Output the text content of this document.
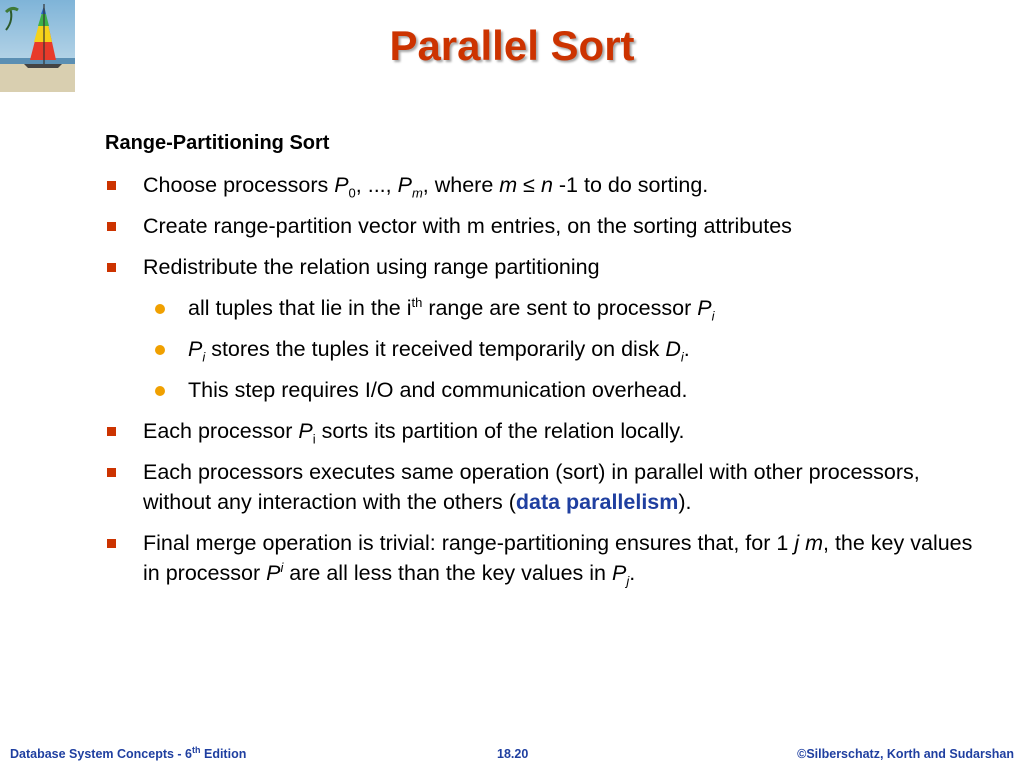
Parallel Sort
Range-Partitioning Sort
Choose processors $P_0$, ..., $P_m$, where m ≤ n -1 to do sorting.
Create range-partition vector with m entries, on the sorting attributes
Redistribute the relation using range partitioning
all tuples that lie in the $i^{th}$ range are sent to processor $P_i$
$P_i$ stores the tuples it received temporarily on disk $D_i$.
This step requires I/O and communication overhead.
Each processor $P_i$ sorts its partition of the relation locally.
Each processors executes same operation (sort) in parallel with other processors, without any interaction with the others (data parallelism).
Final merge operation is trivial: range-partitioning ensures that, for 1 j m, the key values in processor $P^i$ are all less than the key values in $P_j$.
Database System Concepts - 6th Edition	18.20	©Silberschatz, Korth and Sudarshan
